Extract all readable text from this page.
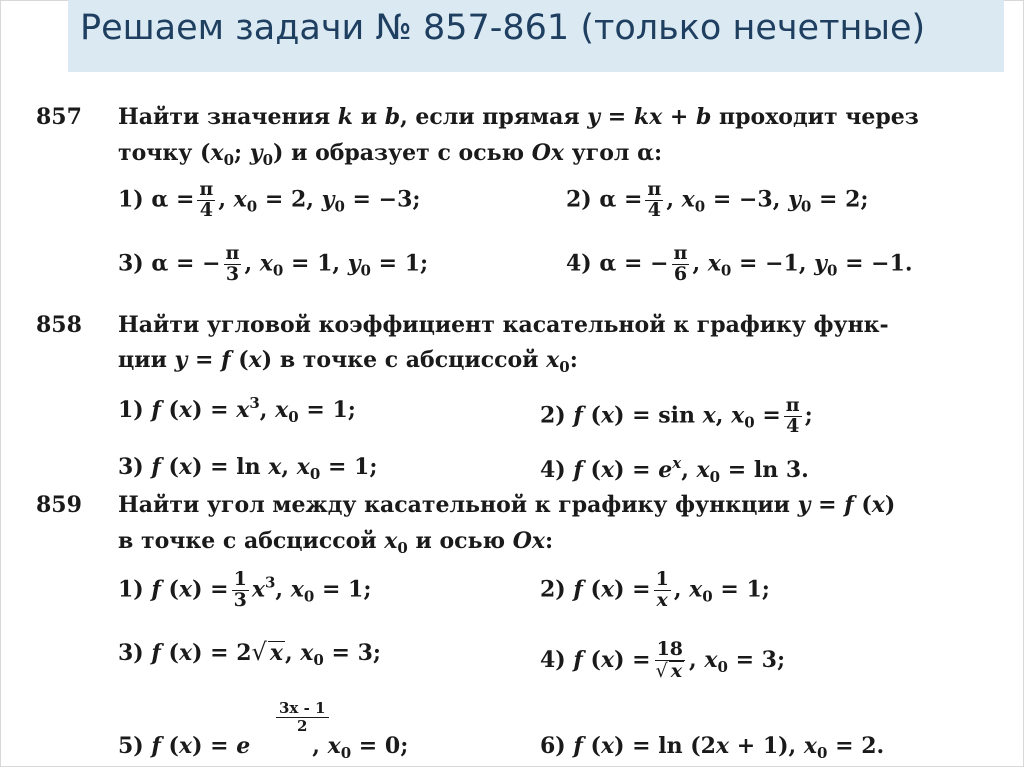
Решаем задачи № 857-861 (только нечетные)
857 Найти значения k и b, если прямая y = kx + b проходит через
точку ($x_0$; $y_0$) и образует с осью Ox угол α:
1) $\alpha = \frac{\pi}{4}$ , $x_0 = 2$, $y_0 = -3$;	2) $\alpha = \frac{\pi}{4}$ , $x_0 = -3$, $y_0 = 2$;
3) α = − $\frac{\pi}{3}$ , $x_0 = 1$, $y_0 = 1$;	4) α = − $\frac{\pi}{6}$ , $x_0 = -1$, $y_0 = -1$.
858 Найти угловой коэффициент касательной к графику функ-
ции y = f (x) в точке с абсциссой $x_0$:
1) f $(x) = x^3$, $x_0 = 1$;	2) f (x) = sin x, $x_0 = \frac{\pi}{4}$ ;
3) f (x) = ln x, $x_0 = 1$;	4) f $(x) = e^x$, $x_0 = \ln 3$.
859 Найти угол между касательной к графику функции y = f (x)
в точке с абсциссой $x_0$ и осью Ox:
1) f $(x) = \frac{1}{3} x^3$, $x_0 = 1$;	2) f $(x) = \frac{1}{x}$ , $x_0 = 1$;
3) f (x) = 2√ x, $x_0 = 3$;	4) f $(x) = \frac{18}{√ x}$ , $x_0 = 3$;
3x - 1
2
5) f (x) = e	, $x_0 = 0$;	6) f (x) = ln (2x + 1), $x_0 = 2$.
